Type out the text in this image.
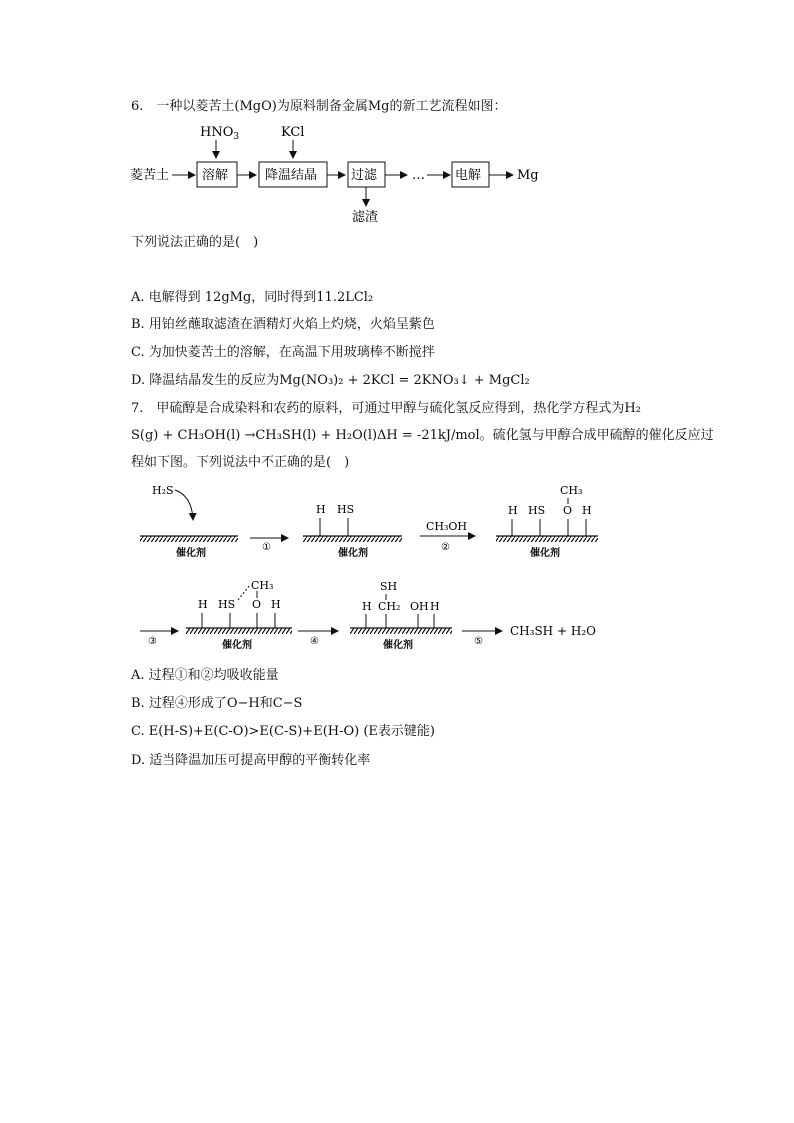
6.　一种以菱苦土(MgO)为原料制备金属Mg的新工艺流程如图：
$HNO_3$	KCl
菱苦土	溶解	降温结晶	过滤
滤渣
… 电解	Mg
下列说法正确的是(　)
A. 电解得到 12gMg，同时得到11.2LCl₂
B. 用铂丝蘸取滤渣在酒精灯火焰上灼烧，火焰呈紫色
C. 为加快菱苦土的溶解，在高温下用玻璃棒不断搅拌
D. 降温结晶发生的反应为Mg(NO₃)₂ + 2KCl = 2KNO₃↓ + MgCl₂
7.　甲硫醇是合成染料和农药的原料，可通过甲醇与硫化氢反应得到，热化学方程式为H₂
S(g) + CH₃OH(l) →CH₃SH(l) + H₂O(l)ΔH = -21kJ/mol。硫化氢与甲醇合成甲硫醇的催化反应过
程如下图。下列说法中不正确的是(　)
H₂S
催化剂
①
H HS
催化剂
CH₃OH
②
CH₃
H HS O H
催化剂
③
CH₃
H HS O H
催化剂	④
SH
H CH₂ OH H
催化剂	⑤
CH₃SH + H₂O
A. 过程①和②均吸收能量
B. 过程④形成了O−H和C−S
C. E(H-S)+E(C-O)>E(C-S)+E(H-O) (E表示键能)
D. 适当降温加压可提高甲醇的平衡转化率
